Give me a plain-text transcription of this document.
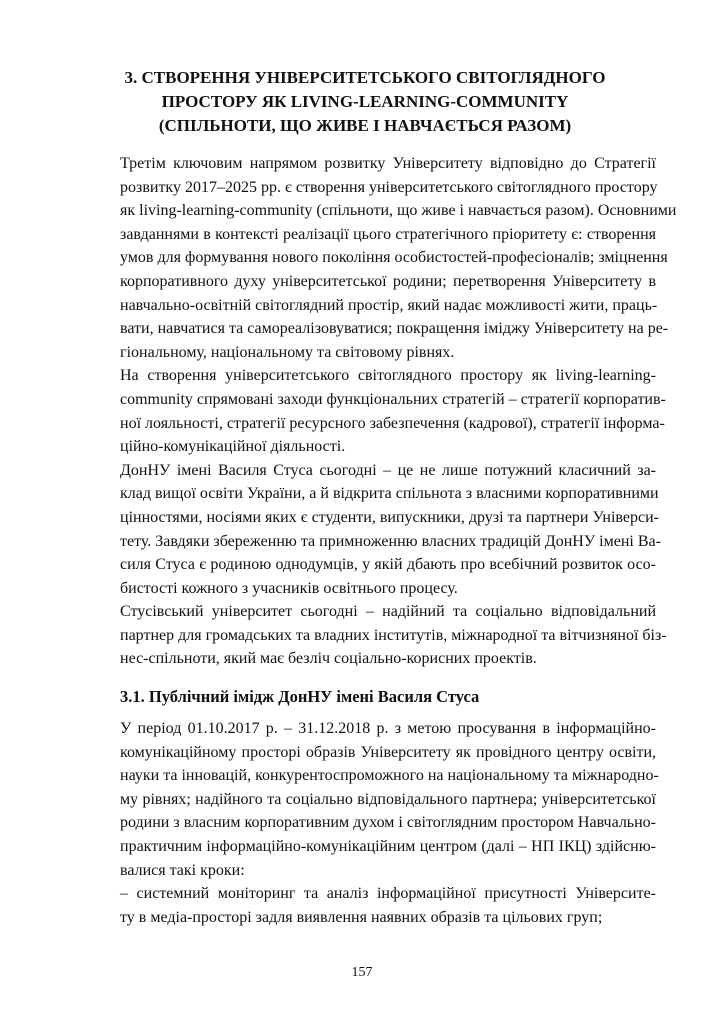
3. СТВОРЕННЯ УНІВЕРСИТЕТСЬКОГО СВІТОГЛЯДНОГО
ПРОСТОРУ ЯК LIVING-LEARNING-COMMUNITY
(СПІЛЬНОТИ, ЩО ЖИВЕ І НАВЧАЄТЬСЯ РАЗОМ)

Третім ключовим напрямом розвитку Університету відповідно до Стратегії
розвитку 2017–2025 рр. є створення університетського світоглядного простору
як living-learning-community (спільноти, що живе і навчається разом). Основними
завданнями в контексті реалізації цього стратегічного пріоритету є: створення
умов для формування нового покоління особистостей-професіоналів; зміцнення
корпоративного духу університетської родини; перетворення Університету в
навчально-освітній світоглядний простір, який надає можливості жити, праць-
вати, навчатися та самореалізовуватися; покращення іміджу Університету на ре-
гіональному, національному та світовому рівнях.

На створення університетського світоглядного простору як living-learning-
community спрямовані заходи функціональних стратегій – стратегії корпоратив-
ної лояльності, стратегії ресурсного забезпечення (кадрової), стратегії інформа-
ційно-комунікаційної діяльності.

ДонНУ імені Василя Стуса сьогодні – це не лише потужний класичний за-
клад вищої освіти України, а й відкрита спільнота з власними корпоративними
цінностями, носіями яких є студенти, випускники, друзі та партнери Універси-
тету. Завдяки збереженню та примноженню власних традицій ДонНУ імені Ва-
силя Стуса є родиною однодумців, у якій дбають про всебічний розвиток осо-
бистості кожного з учасників освітнього процесу.

Стусівський університет сьогодні – надійний та соціально відповідальний
партнер для громадських та владних інститутів, міжнародної та вітчизняної біз-
нес-спільноти, який має безліч соціально-корисних проектів.

3.1. Публічний імідж ДонНУ імені Василя Стуса

У період 01.10.2017 р. – 31.12.2018 р. з метою просування в інформаційно-
комунікаційному просторі образів Університету як провідного центру освіти,
науки та інновацій, конкурентоспроможного на національному та міжнародно-
му рівнях; надійного та соціально відповідального партнера; університетської
родини з власним корпоративним духом і світоглядним простором Навчально-
практичним інформаційно-комунікаційним центром (далі – НП ІКЦ) здійсню-
валися такі кроки:

– системний моніторинг та аналіз інформаційної присутності Університе-
ту в медіа-просторі задля виявлення наявних образів та цільових груп;

157
